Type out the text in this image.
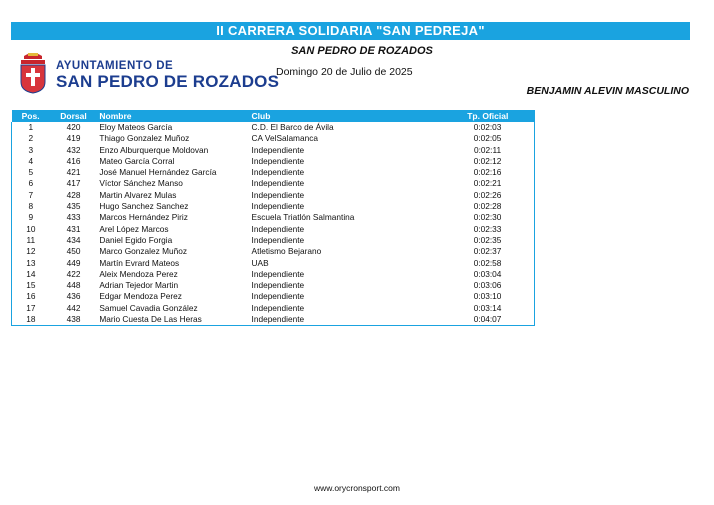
II CARRERA SOLIDARIA "SAN PEDREJA"
SAN PEDRO DE ROZADOS
AYUNTAMIENTO DE
SAN PEDRO DE ROZADOS
Domingo 20 de Julio de 2025
BENJAMIN ALEVIN MASCULINO
Pos.	Dorsal	Nombre	Club	Tp. Oficial
1	420	Eloy Mateos García	C.D. El Barco de Ávila	0:02:03
2	419	Thiago Gonzalez Muñoz	CA VelSalamanca	0:02:05
3	432	Enzo Alburquerque Moldovan	Independiente	0:02:11
4	416	Mateo García Corral	Independiente	0:02:12
5	421	José Manuel Hernández García	Independiente	0:02:16
6	417	Víctor Sánchez Manso	Independiente	0:02:21
7	428	Martin Alvarez Mulas	Independiente	0:02:26
8	435	Hugo Sanchez Sanchez	Independiente	0:02:28
9	433	Marcos Hernández Piriz	Escuela Triatlón Salmantina	0:02:30
10	431	Arel López Marcos	Independiente	0:02:33
11	434	Daniel Egido Forgia	Independiente	0:02:35
12	450	Marco Gonzalez Muñoz	Atletismo Bejarano	0:02:37
13	449	Martín Evrard Mateos	UAB	0:02:58
14	422	Aleix Mendoza Perez	Independiente	0:03:04
15	448	Adrian Tejedor Martin	Independiente	0:03:06
16	436	Edgar Mendoza Perez	Independiente	0:03:10
17	442	Samuel Cavadia González	Independiente	0:03:14
18	438	Mario Cuesta De Las Heras	Independiente	0:04:07
www.orycronsport.com
